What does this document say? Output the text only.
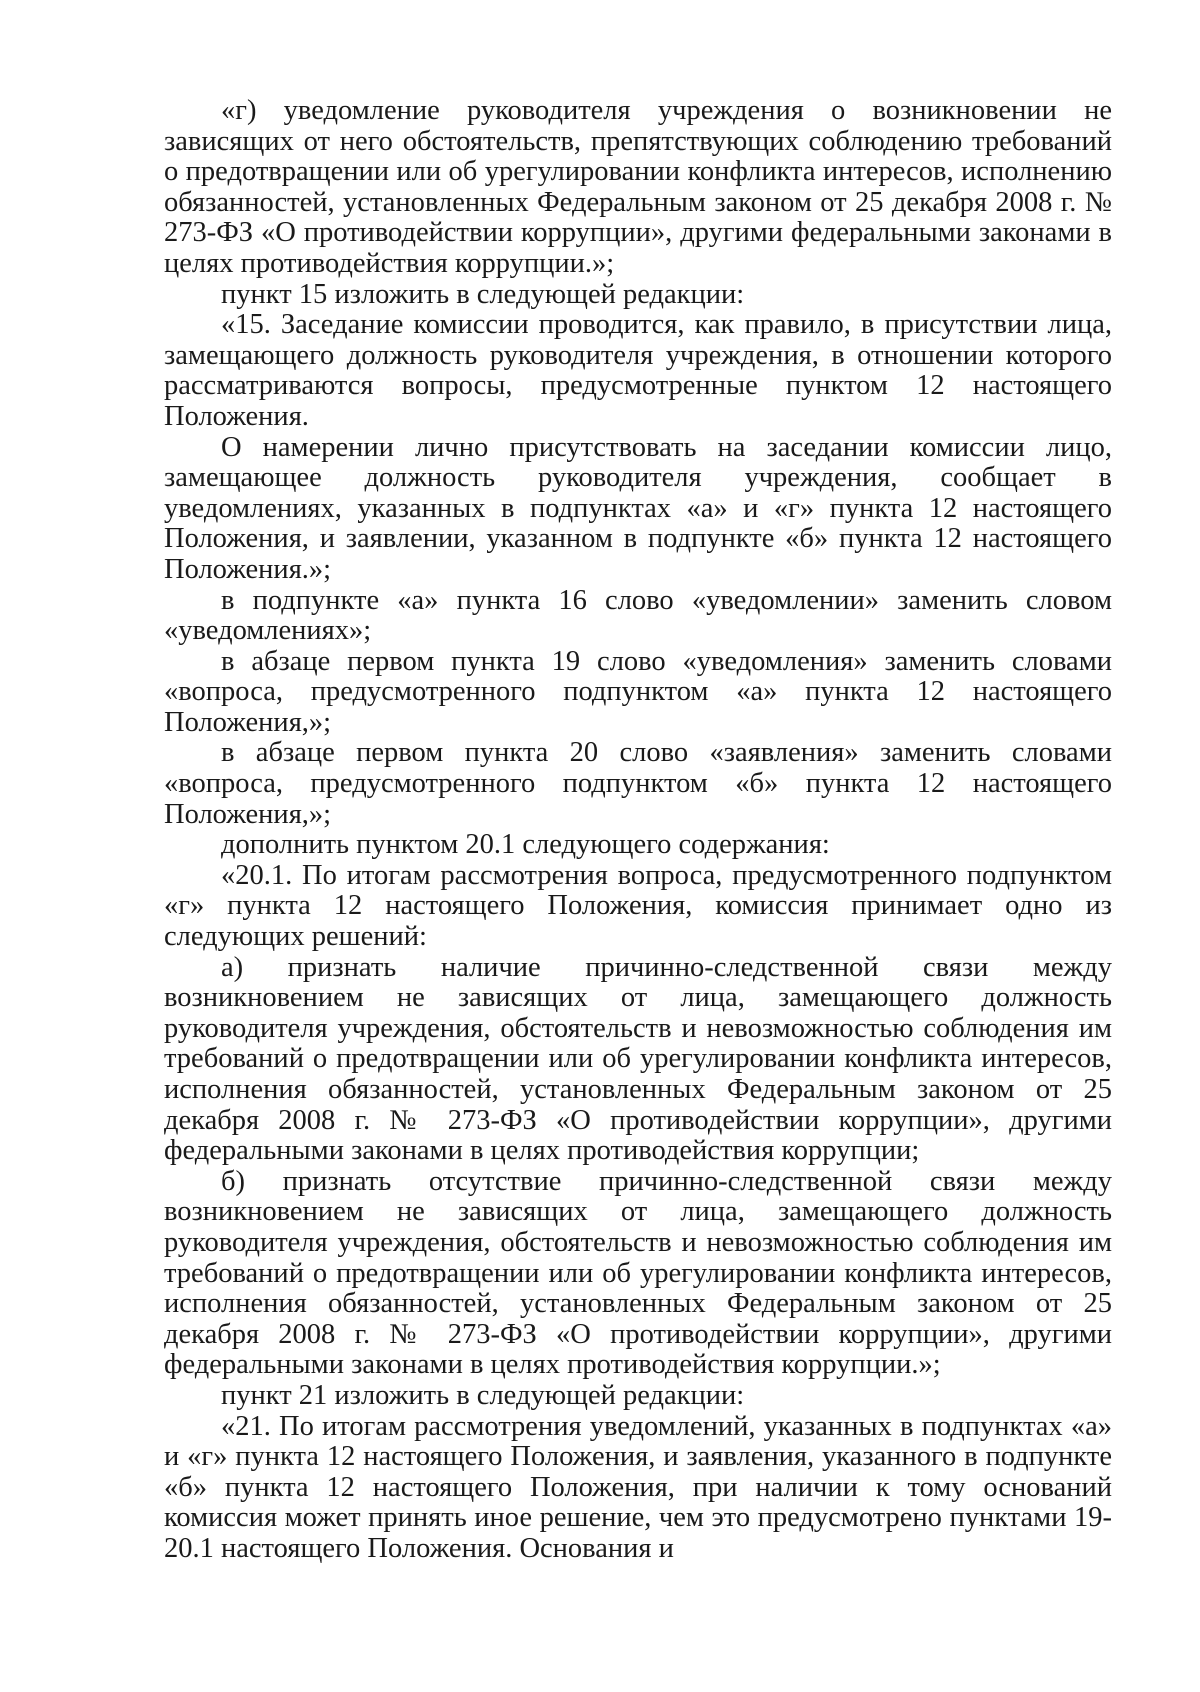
«г) уведомление руководителя учреждения о возникновении не зависящих от него обстоятельств, препятствующих соблюдению требований о предотвращении или об урегулировании конфликта интересов, исполнению обязанностей, установленных Федеральным законом от 25 декабря 2008 г. № 273-ФЗ «О противодействии коррупции», другими федеральными законами в целях противодействия коррупции.»;

пункт 15 изложить в следующей редакции:

«15. Заседание комиссии проводится, как правило, в присутствии лица, замещающего должность руководителя учреждения, в отношении которого рассматриваются вопросы, предусмотренные пунктом 12 настоящего Положения.

О намерении лично присутствовать на заседании комиссии лицо, замещающее должность руководителя учреждения, сообщает в уведомлениях, указанных в подпунктах «а» и «г» пункта 12 настоящего Положения, и заявлении, указанном в подпункте «б» пункта 12 настоящего Положения.»;

в подпункте «а» пункта 16 слово «уведомлении» заменить словом «уведомлениях»;

в абзаце первом пункта 19 слово «уведомления» заменить словами «вопроса, предусмотренного подпунктом «а» пункта 12 настоящего Положения,»;

в абзаце первом пункта 20 слово «заявления» заменить словами «вопроса, предусмотренного подпунктом «б» пункта 12 настоящего Положения,»;

дополнить пунктом 20.1 следующего содержания:

«20.1. По итогам рассмотрения вопроса, предусмотренного подпунктом «г» пункта 12 настоящего Положения, комиссия принимает одно из следующих решений:

а) признать наличие причинно-следственной связи между возникновением не зависящих от лица, замещающего должность руководителя учреждения, обстоятельств и невозможностью соблюдения им требований о предотвращении или об урегулировании конфликта интересов, исполнения обязанностей, установленных Федеральным законом от 25 декабря 2008 г. № 273-ФЗ «О противодействии коррупции», другими федеральными законами в целях противодействия коррупции;

б) признать отсутствие причинно-следственной связи между возникновением не зависящих от лица, замещающего должность руководителя учреждения, обстоятельств и невозможностью соблюдения им требований о предотвращении или об урегулировании конфликта интересов, исполнения обязанностей, установленных Федеральным законом от 25 декабря 2008 г. № 273-ФЗ «О противодействии коррупции», другими федеральными законами в целях противодействия коррупции.»;

пункт 21 изложить в следующей редакции:

«21. По итогам рассмотрения уведомлений, указанных в подпунктах «а» и «г» пункта 12 настоящего Положения, и заявления, указанного в подпункте «б» пункта 12 настоящего Положения, при наличии к тому оснований комиссия может принять иное решение, чем это предусмотрено пунктами 19-20.1 настоящего Положения. Основания и
